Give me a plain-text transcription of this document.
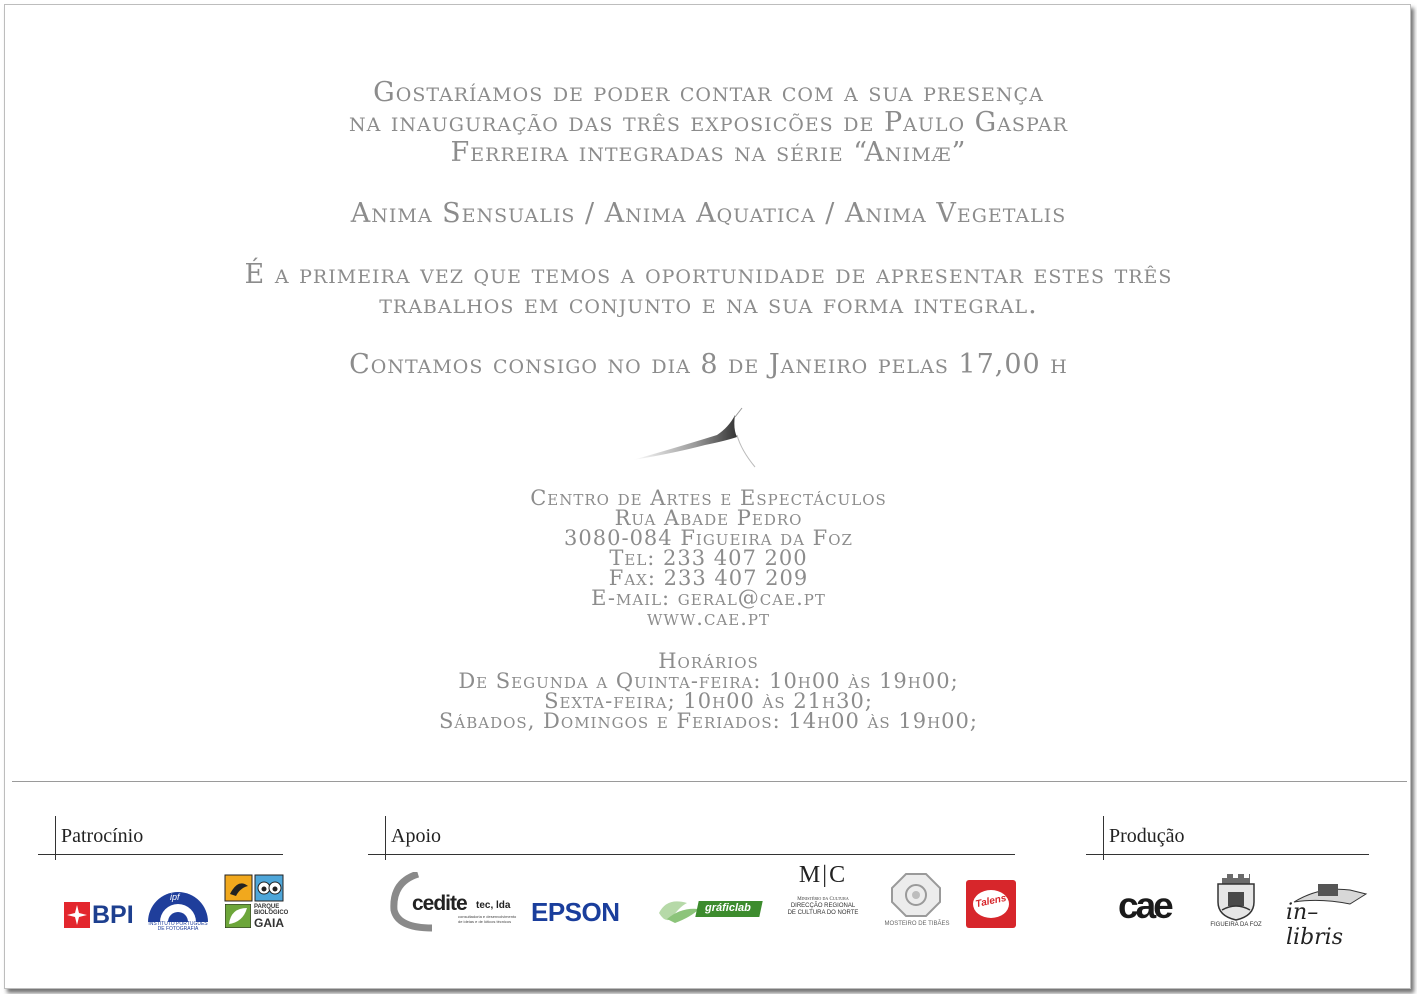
Gostaríamos de poder contar com a sua presença
na inauguração das três exposicões de Paulo Gaspar
Ferreira integradas na série “Animæ”
Anima Sensualis / Anima Aquatica / Anima Vegetalis
É a primeira vez que temos a oportunidade de apresentar estes três
trabalhos em conjunto e na sua forma integral.
Contamos consigo no dia 8 de Janeiro pelas 17,00 h
Centro de Artes e Espectáculos
Rua Abade Pedro
3080-084 Figueira da Foz
Tel: 233 407 200
Fax: 233 407 209
E-mail: geral@cae.pt
www.cae.pt
Horários
De Segunda a Quinta-feira: 10h00 às 19h00;
Sexta-feira; 10h00 às 21h30;
Sábados, Domingos e Feriados: 14h00 às 19h00;
Patrocínio	Apoio	Produção
BPI
ipf
INSTITUTO PORTUGUÊS DE FOTOGRAFIA
PARQUE
BIOLÓGICO
GAIA
cedite tec, lda
consultadoria e desenvolvimento de ideias e de lóticos técnicos EPSON	gráficlab
M|C
Ministério da Cultura
DIRECÇÃO REGIONAL
DE CULTURA DO NORTE
MOSTEIRO DE TIBÃES
Talens	cae	FIGUEIRA DA FOZ in–libris
